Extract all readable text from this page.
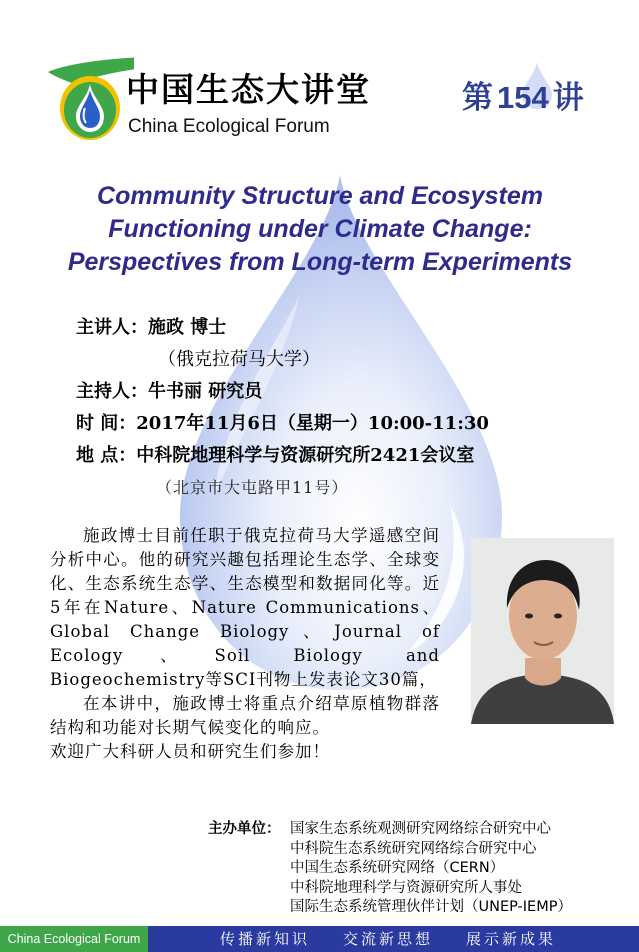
中国生态大讲堂
China Ecological Forum
第 154 讲
Community Structure and Ecosystem
Functioning under Climate Change:
Perspectives from Long-term Experiments
主讲人：施政 博士
（俄克拉荷马大学）
主持人：牛书丽 研究员
时 间：2017年11月6日（星期一）10:00-11:30
地 点：中科院地理科学与资源研究所2421会议室
（北京市大屯路甲11号）

施政博士目前任职于俄克拉荷马大学遥感空间分析中心。他的研究兴趣包括理论生态学、全球变化、生态系统生态学、生态模型和数据同化等。近5年在Nature、Nature Communications、Global Change Biology、Journal of Ecology、Soil Biology and Biogeochemistry等SCI刊物上发表论文30篇，

在本讲中，施政博士将重点介绍草原植物群落结构和功能对长期气候变化的响应。

欢迎广大科研人员和研究生们参加！

主办单位： 国家生态系统观测研究网络综合研究中心
中科院生态系统研究网络综合研究中心
中国生态系统研究网络（CERN）
中科院地理科学与资源研究所人事处
国际生态系统管理伙伴计划（UNEP-IEMP）
China Ecological Forum	传播新知识 交流新思想 展示新成果
